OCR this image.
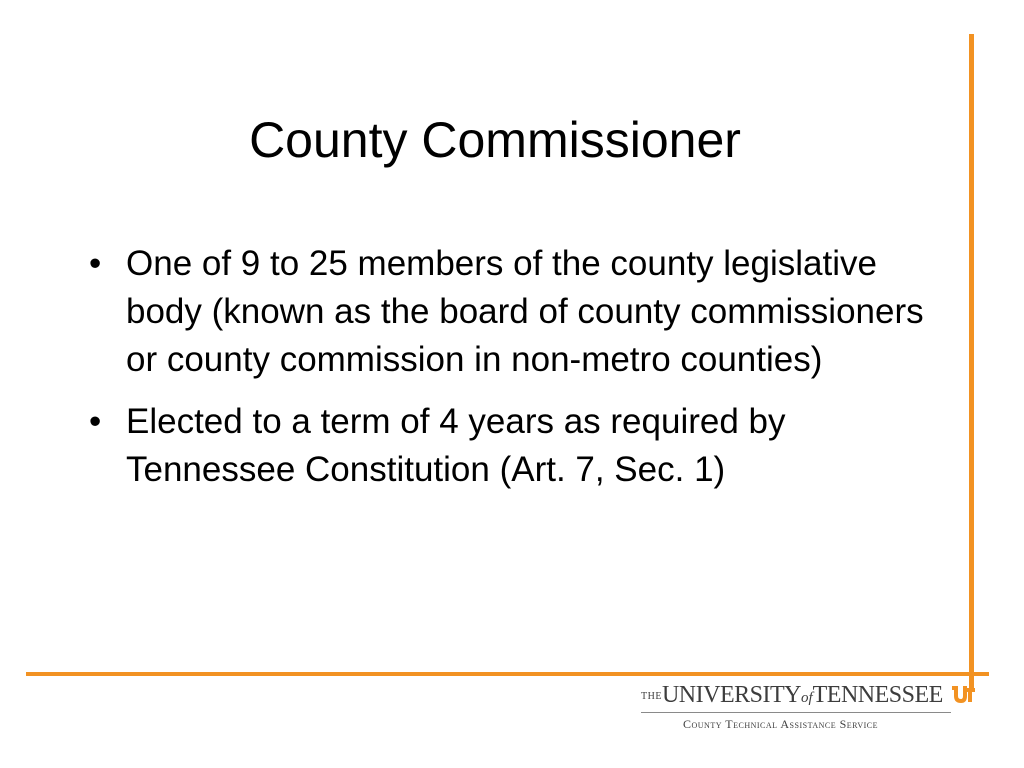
County Commissioner
• One of 9 to 25 members of the county legislative body (known as the board of county commissioners or county commission in non-metro counties)
• Elected to a term of 4 years as required by Tennessee Constitution (Art. 7, Sec. 1)
THEUNIVERSITYofTENNESSEE
County Technical Assistance Service
